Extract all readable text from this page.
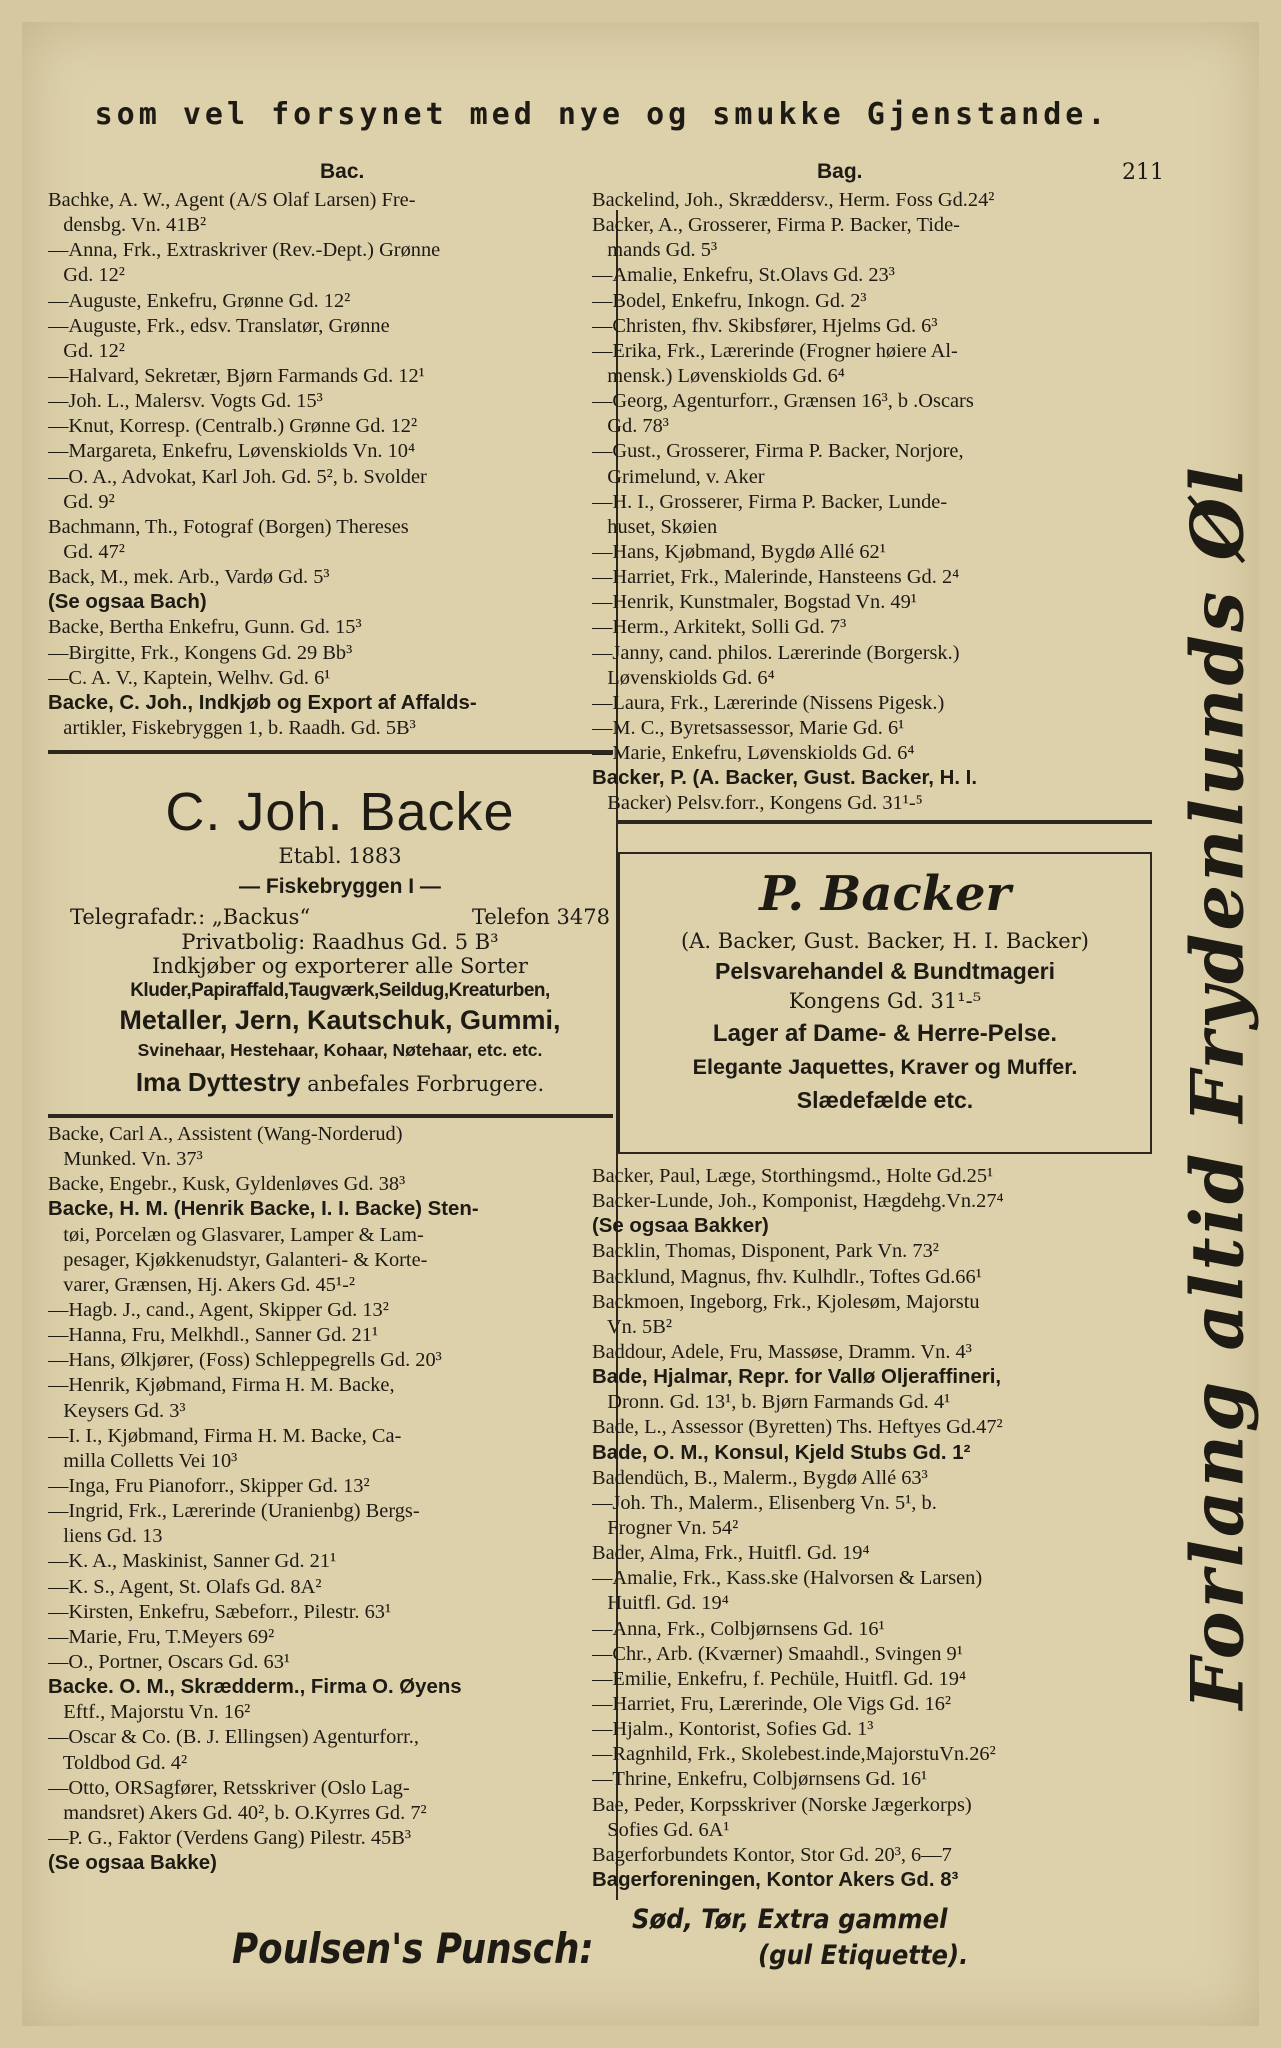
som vel forsynet med nye og smukke Gjenstande.
Bac.	Bag.	211
Bachke, A. W., Agent (A/S Olaf Larsen) Fre-
densbg. Vn. 41B²
—Anna, Frk., Extraskriver (Rev.-Dept.) Grønne
Gd. 12²
—Auguste, Enkefru, Grønne Gd. 12²
—Auguste, Frk., edsv. Translatør, Grønne
Gd. 12²
—Halvard, Sekretær, Bjørn Farmands Gd. 12¹
—Joh. L., Malersv. Vogts Gd. 15³
—Knut, Korresp. (Centralb.) Grønne Gd. 12²
—Margareta, Enkefru, Løvenskiolds Vn. 10⁴
—O. A., Advokat, Karl Joh. Gd. 5², b. Svolder
Gd. 9²
Bachmann, Th., Fotograf (Borgen) Thereses
Gd. 47²
Back, M., mek. Arb., Vardø Gd. 5³
(Se ogsaa Bach)
Backe, Bertha Enkefru, Gunn. Gd. 15³
—Birgitte, Frk., Kongens Gd. 29 Bb³
—C. A. V., Kaptein, Welhv. Gd. 6¹
Backe, C. Joh., Indkjøb og Export af Affalds-
artikler, Fiskebryggen 1, b. Raadh. Gd. 5B³
C. Joh. Backe
Etabl. 1883
— Fiskebryggen I —
Telegrafadr.: „Backus“	Telefon 3478
Privatbolig: Raadhus Gd. 5 B³
Indkjøber og exporterer alle Sorter
Kluder,Papiraffald,Taugværk,Seildug,Kreaturben,
Metaller, Jern, Kautschuk, Gummi,
Svinehaar, Hestehaar, Kohaar, Nøtehaar, etc. etc.
Ima Dyttestry anbefales Forbrugere.
Backe, Carl A., Assistent (Wang-Norderud)
Munked. Vn. 37³
Backe, Engebr., Kusk, Gyldenløves Gd. 38³
Backe, H. M. (Henrik Backe, I. I. Backe) Sten-
tøi, Porcelæn og Glasvarer, Lamper & Lam-
pesager, Kjøkkenudstyr, Galanteri- & Korte-
varer, Grænsen, Hj. Akers Gd. 45¹-²
—Hagb. J., cand., Agent, Skipper Gd. 13²
—Hanna, Fru, Melkhdl., Sanner Gd. 21¹
—Hans, Ølkjører, (Foss) Schleppegrells Gd. 20³
—Henrik, Kjøbmand, Firma H. M. Backe,
Keysers Gd. 3³
—I. I., Kjøbmand, Firma H. M. Backe, Ca-
milla Colletts Vei 10³
—Inga, Fru Pianoforr., Skipper Gd. 13²
—Ingrid, Frk., Lærerinde (Uranienbg) Bergs-
liens Gd. 13
—K. A., Maskinist, Sanner Gd. 21¹
—K. S., Agent, St. Olafs Gd. 8A²
—Kirsten, Enkefru, Sæbeforr., Pilestr. 63¹
—Marie, Fru, T.Meyers 69²
—O., Portner, Oscars Gd. 63¹
Backe. O. M., Skrædderm., Firma O. Øyens
Eftf., Majorstu Vn. 16²
—Oscar & Co. (B. J. Ellingsen) Agenturforr.,
Toldbod Gd. 4²
—Otto, ORSagfører, Retsskriver (Oslo Lag-
mandsret) Akers Gd. 40², b. O.Kyrres Gd. 7²
—P. G., Faktor (Verdens Gang) Pilestr. 45B³
(Se ogsaa Bakke)
Backelind, Joh., Skræddersv., Herm. Foss Gd.24²
Backer, A., Grosserer, Firma P. Backer, Tide-
mands Gd. 5³
—Amalie, Enkefru, St.Olavs Gd. 23³
—Bodel, Enkefru, Inkogn. Gd. 2³
—Christen, fhv. Skibsfører, Hjelms Gd. 6³
—Erika, Frk., Lærerinde (Frogner høiere Al-
mensk.) Løvenskiolds Gd. 6⁴
—Georg, Agenturforr., Grænsen 16³, b .Oscars
Gd. 78³
—Gust., Grosserer, Firma P. Backer, Norjore,
Grimelund, v. Aker
—H. I., Grosserer, Firma P. Backer, Lunde-
huset, Skøien
—Hans, Kjøbmand, Bygdø Allé 62¹
—Harriet, Frk., Malerinde, Hansteens Gd. 2⁴
—Henrik, Kunstmaler, Bogstad Vn. 49¹
—Herm., Arkitekt, Solli Gd. 7³
—Janny, cand. philos. Lærerinde (Borgersk.)
Løvenskiolds Gd. 6⁴
—Laura, Frk., Lærerinde (Nissens Pigesk.)
—M. C., Byretsassessor, Marie Gd. 6¹
—Marie, Enkefru, Løvenskiolds Gd. 6⁴
Backer, P. (A. Backer, Gust. Backer, H. I.
Backer) Pelsv.forr., Kongens Gd. 31¹-⁵
P. Backer
(A. Backer, Gust. Backer, H. I. Backer)
Pelsvarehandel & Bundtmageri
Kongens Gd. 31¹-⁵
Lager af Dame- & Herre-Pelse.
Elegante Jaquettes, Kraver og Muffer.
Slædefælde etc.
Backer, Paul, Læge, Storthingsmd., Holte Gd.25¹
Backer-Lunde, Joh., Komponist, Hægdehg.Vn.27⁴
(Se ogsaa Bakker)
Backlin, Thomas, Disponent, Park Vn. 73²
Backlund, Magnus, fhv. Kulhdlr., Toftes Gd.66¹
Backmoen, Ingeborg, Frk., Kjolesøm, Majorstu
Vn. 5B²
Baddour, Adele, Fru, Massøse, Dramm. Vn. 4³
Bade, Hjalmar, Repr. for Vallø Oljeraffineri,
Dronn. Gd. 13¹, b. Bjørn Farmands Gd. 4¹
Bade, L., Assessor (Byretten) Ths. Heftyes Gd.47²
Bade, O. M., Konsul, Kjeld Stubs Gd. 1²
Badendüch, B., Malerm., Bygdø Allé 63³
—Joh. Th., Malerm., Elisenberg Vn. 5¹, b.
Frogner Vn. 54²
Bader, Alma, Frk., Huitfl. Gd. 19⁴
—Amalie, Frk., Kass.ske (Halvorsen & Larsen)
Huitfl. Gd. 19⁴
—Anna, Frk., Colbjørnsens Gd. 16¹
—Chr., Arb. (Kværner) Smaahdl., Svingen 9¹
—Emilie, Enkefru, f. Pechüle, Huitfl. Gd. 19⁴
—Harriet, Fru, Lærerinde, Ole Vigs Gd. 16²
—Hjalm., Kontorist, Sofies Gd. 1³
—Ragnhild, Frk., Skolebest.inde,MajorstuVn.26²
—Thrine, Enkefru, Colbjørnsens Gd. 16¹
Bae, Peder, Korpsskriver (Norske Jægerkorps)
Sofies Gd. 6A¹
Bagerforbundets Kontor, Stor Gd. 20³, 6—7
Bagerforeningen, Kontor Akers Gd. 8³
Forlang altid Frydenlunds Øl
Poulsen's Punsch:
Sød, Tør, Extra gammel
(gul Etiquette).
